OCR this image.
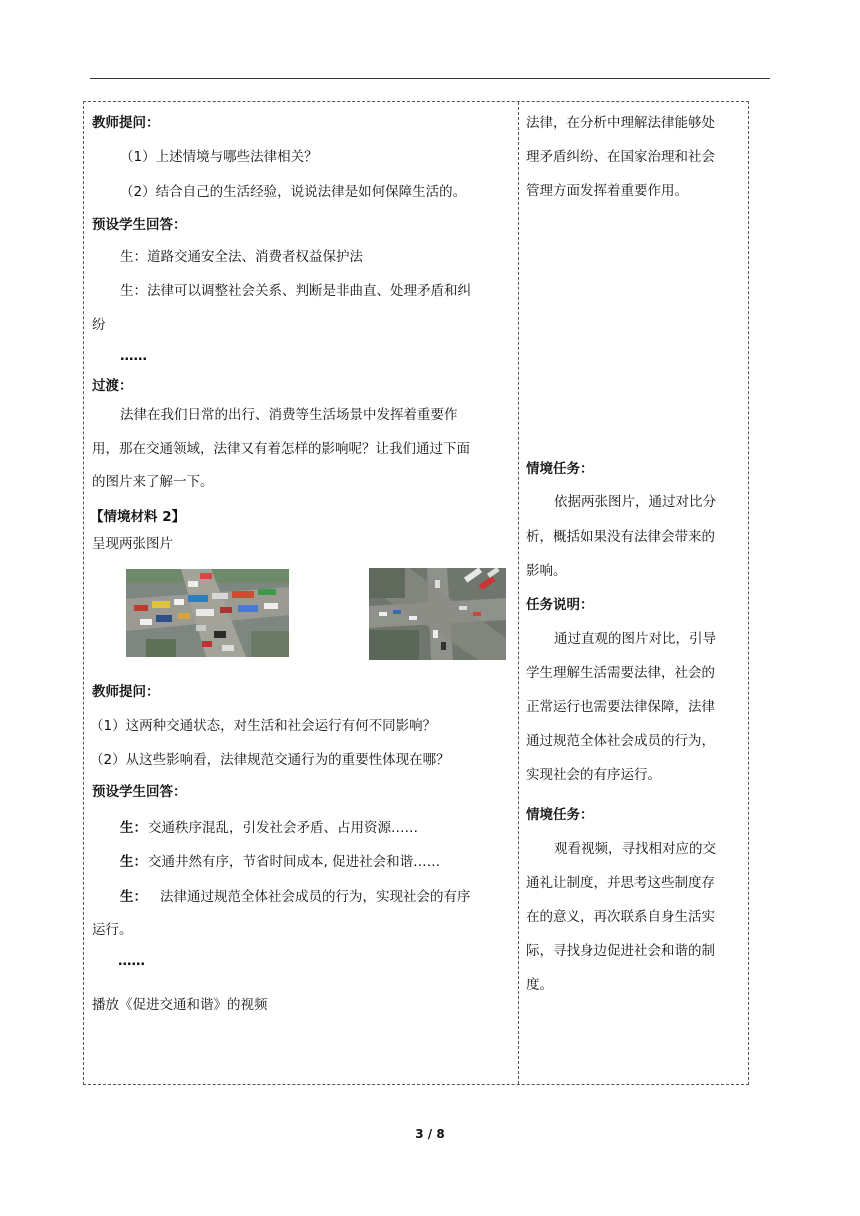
教师提问：
（1）上述情境与哪些法律相关？
（2）结合自己的生活经验，说说法律是如何保障生活的。
预设学生回答：
生：道路交通安全法、消费者权益保护法
生：法律可以调整社会关系、判断是非曲直、处理矛盾和纠
纷
……
过渡：
法律在我们日常的出行、消费等生活场景中发挥着重要作
用，那在交通领域，法律又有着怎样的影响呢？让我们通过下面
的图片来了解一下。
【情境材料 2】
呈现两张图片
教师提问：
（1）这两种交通状态，对生活和社会运行有何不同影响？
（2）从这些影响看，法律规范交通行为的重要性体现在哪？
预设学生回答：
生： 交通秩序混乱，引发社会矛盾、占用资源……
生： 交通井然有序，节省时间成本, 促进社会和谐……
生： 法律通过规范全体社会成员的行为，实现社会的有序
运行。
……
播放《促进交通和谐》的视频
法律，在分析中理解法律能够处
理矛盾纠纷、在国家治理和社会
管理方面发挥着重要作用。
情境任务：
依据两张图片，通过对比分
析，概括如果没有法律会带来的
影响。
任务说明：
通过直观的图片对比，引导
学生理解生活需要法律，社会的
正常运行也需要法律保障，法律
通过规范全体社会成员的行为，
实现社会的有序运行。
情境任务：
观看视频，寻找相对应的交
通礼让制度，并思考这些制度存
在的意义，再次联系自身生活实
际，寻找身边促进社会和谐的制
度。
3 / 8
